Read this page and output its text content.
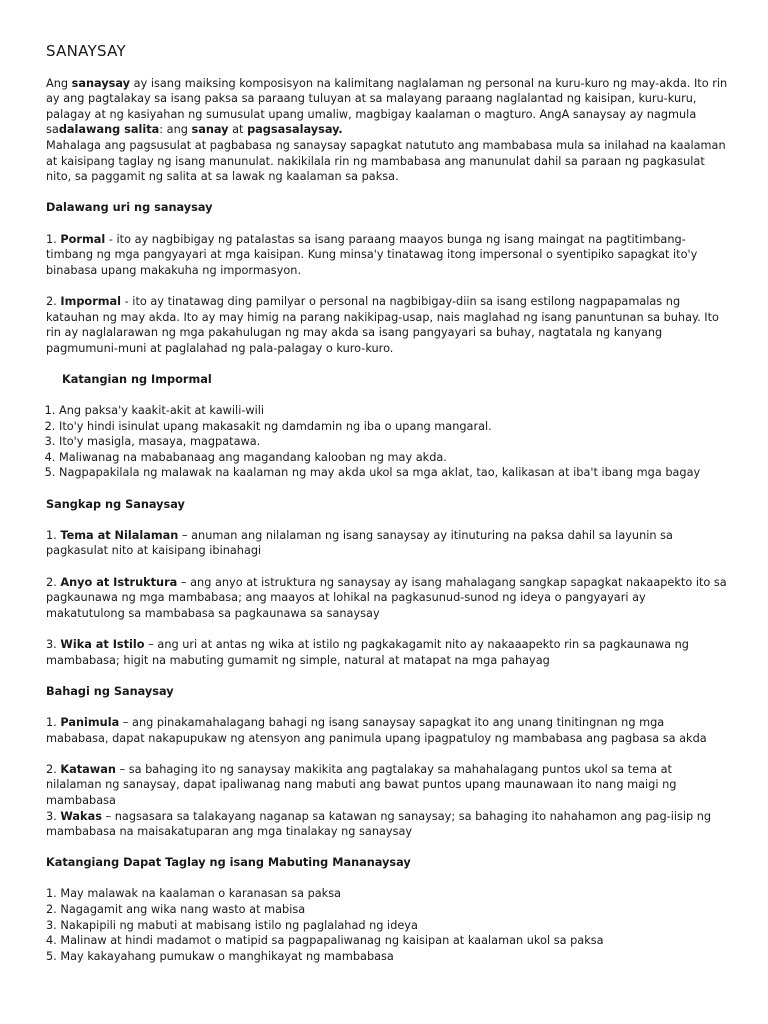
SANAYSAY

Ang sanaysay ay isang maiksing komposisyon na kalimitang naglalaman ng personal na kuru-kuro ng may-akda. Ito rin ay ang pagtalakay sa isang paksa sa paraang tuluyan at sa malayang paraang naglalantad ng kaisipan, kuru-kuru, palagay at ng kasiyahan ng sumusulat upang umaliw, magbigay kaalaman o magturo. AngA sanaysay ay nagmula sadalawang salita: ang sanay at pagsasalaysay.

Mahalaga ang pagsusulat at pagbabasa ng sanaysay sapagkat natututo ang mambabasa mula sa inilahad na kaalaman at kaisipang taglay ng isang manunulat. nakikilala rin ng mambabasa ang manunulat dahil sa paraan ng pagkasulat nito, sa paggamit ng salita at sa lawak ng kaalaman sa paksa.

Dalawang uri ng sanaysay

1. Pormal - ito ay nagbibigay ng patalastas sa isang paraang maayos bunga ng isang maingat na pagtitimbang-timbang ng mga pangyayari at mga kaisipan. Kung minsa'y tinatawag itong impersonal o syentipiko sapagkat ito'y binabasa upang makakuha ng impormasyon.

2. Impormal - ito ay tinatawag ding pamilyar o personal na nagbibigay-diin sa isang estilong nagpapamalas ng katauhan ng may akda. Ito ay may himig na parang nakikipag-usap, nais maglahad ng isang panuntunan sa buhay. Ito rin ay naglalarawan ng mga pakahulugan ng may akda sa isang pangyayari sa buhay, nagtatala ng kanyang pagmumuni-muni at paglalahad ng pala-palagay o kuro-kuro.

Katangian ng Impormal

1. Ang paksa'y kaakit-akit at kawili-wili
2. Ito'y hindi isinulat upang makasakit ng damdamin ng iba o upang mangaral.
3. Ito'y masigla, masaya, magpatawa.
4. Maliwanag na mababanaag ang magandang kalooban ng may akda.
5. Nagpapakilala ng malawak na kaalaman ng may akda ukol sa mga aklat, tao, kalikasan at iba't ibang mga bagay

Sangkap ng Sanaysay

1. Tema at Nilalaman – anuman ang nilalaman ng isang sanaysay ay itinuturing na paksa dahil sa layunin sa pagkasulat nito at kaisipang ibinahagi

2. Anyo at Istruktura – ang anyo at istruktura ng sanaysay ay isang mahalagang sangkap sapagkat nakaapekto ito sa pagkaunawa ng mga mambabasa; ang maayos at lohikal na pagkasunud-sunod ng ideya o pangyayari ay makatutulong sa mambabasa sa pagkaunawa sa sanaysay

3. Wika at Istilo – ang uri at antas ng wika at istilo ng pagkakagamit nito ay nakaaapekto rin sa pagkaunawa ng mambabasa; higit na mabuting gumamit ng simple, natural at matapat na mga pahayag

Bahagi ng Sanaysay

1. Panimula – ang pinakamahalagang bahagi ng isang sanaysay sapagkat ito ang unang tinitingnan ng mga mababasa, dapat nakapupukaw ng atensyon ang panimula upang ipagpatuloy ng mambabasa ang pagbasa sa akda

2. Katawan – sa bahaging ito ng sanaysay makikita ang pagtalakay sa mahahalagang puntos ukol sa tema at nilalaman ng sanaysay, dapat ipaliwanag nang mabuti ang bawat puntos upang maunawaan ito nang maigi ng mambabasa

3. Wakas – nagsasara sa talakayang naganap sa katawan ng sanaysay; sa bahaging ito nahahamon ang pag-iisip ng mambabasa na maisakatuparan ang mga tinalakay ng sanaysay

Katangiang Dapat Taglay ng isang Mabuting Mananaysay

1. May malawak na kaalaman o karanasan sa paksa
2. Nagagamit ang wika nang wasto at mabisa
3. Nakapipili ng mabuti at mabisang istilo ng paglalahad ng ideya
4. Malinaw at hindi madamot o matipid sa pagpapaliwanag ng kaisipan at kaalaman ukol sa paksa
5. May kakayahang pumukaw o manghikayat ng mambabasa
